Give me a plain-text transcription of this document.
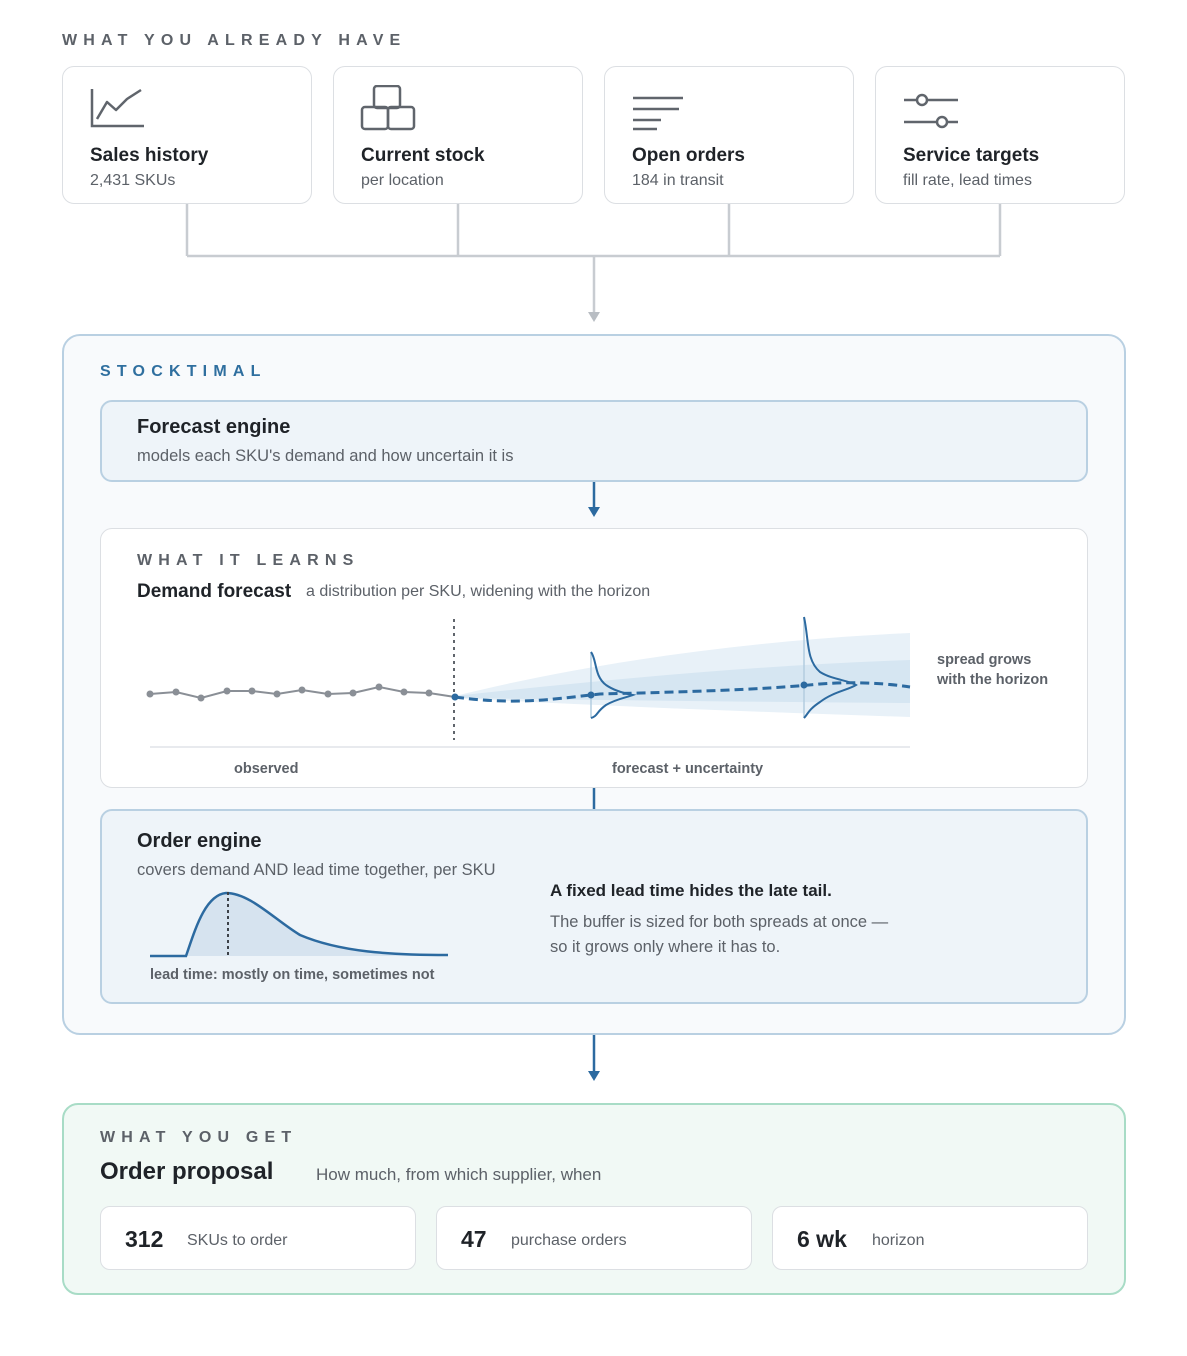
WHAT YOU ALREADY HAVE
Sales history
2,431 SKUs
Current stock
per location
Open orders
184 in transit
Service targets
fill rate, lead times
STOCKTIMAL
Forecast engine
models each SKU's demand and how uncertain it is
WHAT IT LEARNS
Demand forecast a distribution per SKU, widening with the horizon
spread grows
with the horizon
observed	forecast + uncertainty
Order engine
covers demand AND lead time together, per SKU
lead time: mostly on time, sometimes not
A fixed lead time hides the late tail.
The buffer is sized for both spreads at once —
so it grows only where it has to.
WHAT YOU GET
Order proposal	How much, from which supplier, when
312 SKUs to order	47 purchase orders	6 wk horizon
